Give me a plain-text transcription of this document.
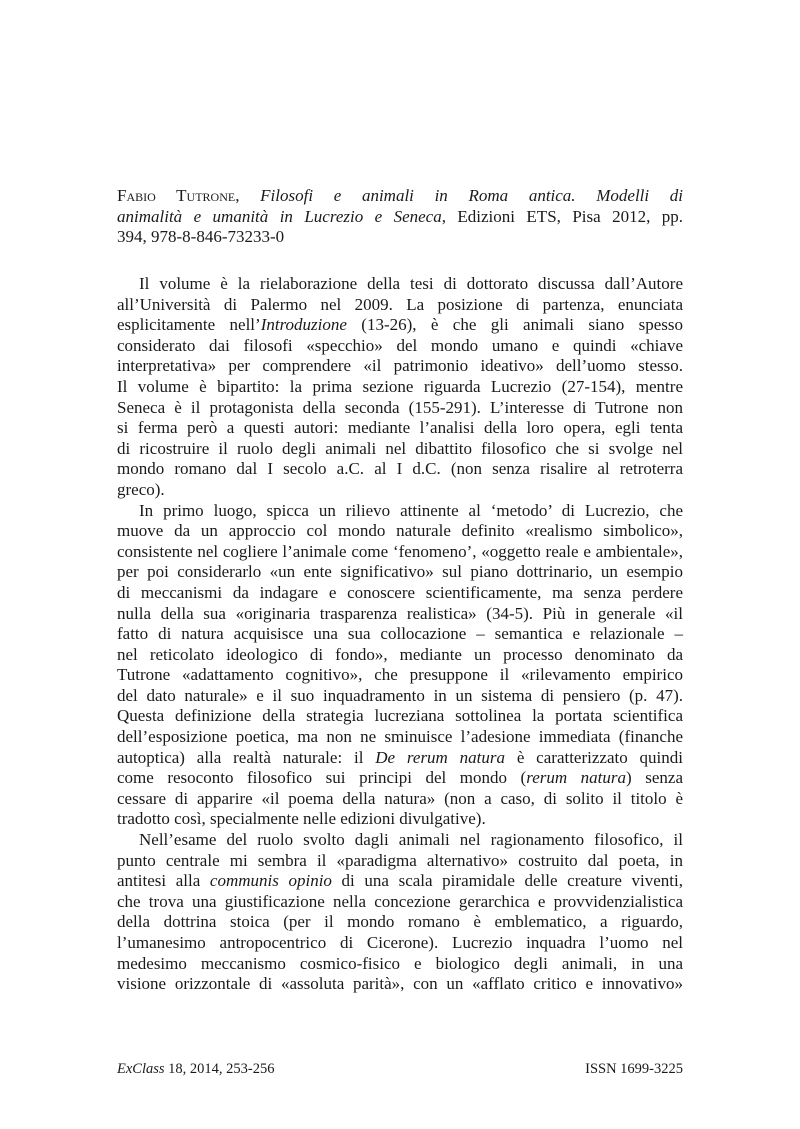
Fabio Tutrone, Filosofi e animali in Roma antica. Modelli di
animalità e umanità in Lucrezio e Seneca, Edizioni ETS, Pisa 2012, pp.
394, 978-8-846-73233-0
Il volume è la rielaborazione della tesi di dottorato discussa dall’Autore
all’Università di Palermo nel 2009. La posizione di partenza, enunciata
esplicitamente nell’Introduzione (13-26), è che gli animali siano spesso
considerato dai filosofi «specchio» del mondo umano e quindi «chiave
interpretativa» per comprendere «il patrimonio ideativo» dell’uomo stesso.
Il volume è bipartito: la prima sezione riguarda Lucrezio (27-154), mentre
Seneca è il protagonista della seconda (155-291). L’interesse di Tutrone non
si ferma però a questi autori: mediante l’analisi della loro opera, egli tenta
di ricostruire il ruolo degli animali nel dibattito filosofico che si svolge nel
mondo romano dal I secolo a.C. al I d.C. (non senza risalire al retroterra
greco).
In primo luogo, spicca un rilievo attinente al ‘metodo’ di Lucrezio, che
muove da un approccio col mondo naturale definito «realismo simbolico»,
consistente nel cogliere l’animale come ‘fenomeno’, «oggetto reale e ambientale»,
per poi considerarlo «un ente significativo» sul piano dottrinario, un esempio
di meccanismi da indagare e conoscere scientificamente, ma senza perdere
nulla della sua «originaria trasparenza realistica» (34-5). Più in generale «il
fatto di natura acquisisce una sua collocazione – semantica e relazionale –
nel reticolato ideologico di fondo», mediante un processo denominato da
Tutrone «adattamento cognitivo», che presuppone il «rilevamento empirico
del dato naturale» e il suo inquadramento in un sistema di pensiero (p. 47).
Questa definizione della strategia lucreziana sottolinea la portata scientifica
dell’esposizione poetica, ma non ne sminuisce l’adesione immediata (finanche
autoptica) alla realtà naturale: il De rerum natura è caratterizzato quindi
come resoconto filosofico sui principi del mondo (rerum natura) senza
cessare di apparire «il poema della natura» (non a caso, di solito il titolo è
tradotto così, specialmente nelle edizioni divulgative).
Nell’esame del ruolo svolto dagli animali nel ragionamento filosofico, il
punto centrale mi sembra il «paradigma alternativo» costruito dal poeta, in
antitesi alla communis opinio di una scala piramidale delle creature viventi,
che trova una giustificazione nella concezione gerarchica e provvidenzialistica
della dottrina stoica (per il mondo romano è emblematico, a riguardo,
l’umanesimo antropocentrico di Cicerone). Lucrezio inquadra l’uomo nel
medesimo meccanismo cosmico-fisico e biologico degli animali, in una
visione orizzontale di «assoluta parità», con un «afflato critico e innovativo»
ExClass 18, 2014, 253-256	ISSN 1699-3225
